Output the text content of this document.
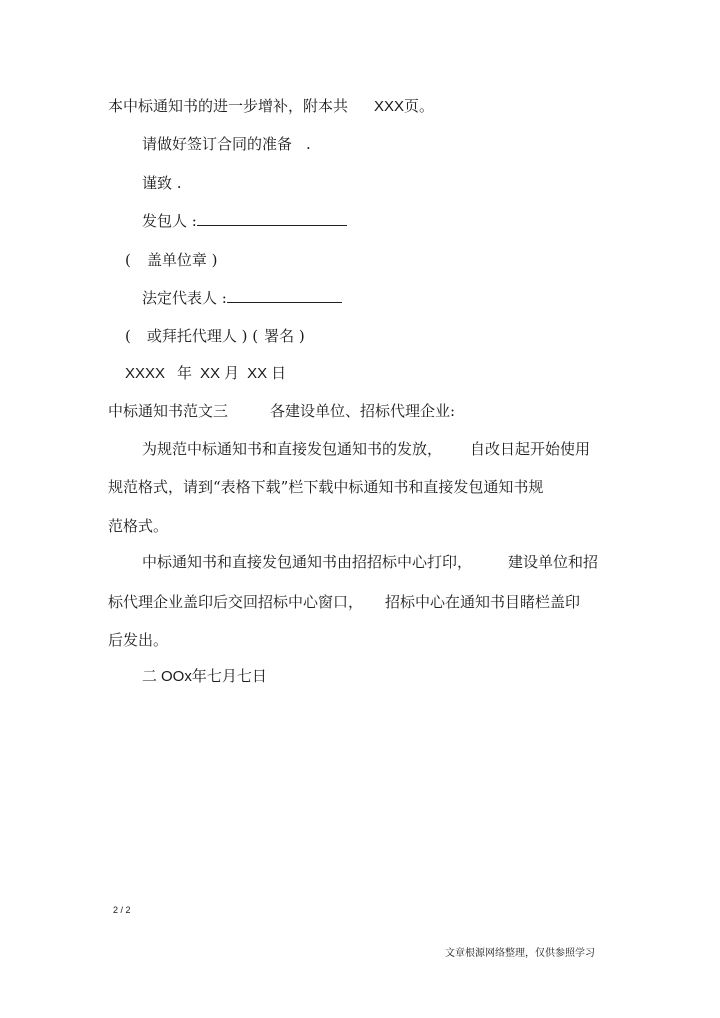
本中标通知书的进一步增补，附本共 XXX页。
请做好签订合同的准备 .
谨致 .
发包人 :
( 盖单位章 )
法定代表人 :
( 或拜托代理人 ) ( 署名 )
XXXX 年 XX 月 XX 日
中标通知书范文三	各建设单位、招标代理企业:
为规范中标通知书和直接发包通知书的发放， 自改日起开始使用
规范格式，请到“表格下载”栏下载中标通知书和直接发包通知书规
范格式。
中标通知书和直接发包通知书由招招标中心打印， 建设单位和招
标代理企业盖印后交回招标中心窗口， 招标中心在通知书目睹栏盖印
后发出。
二 OOx年七月七日
2 / 2
文章根源网络整理，仅供参照学习
